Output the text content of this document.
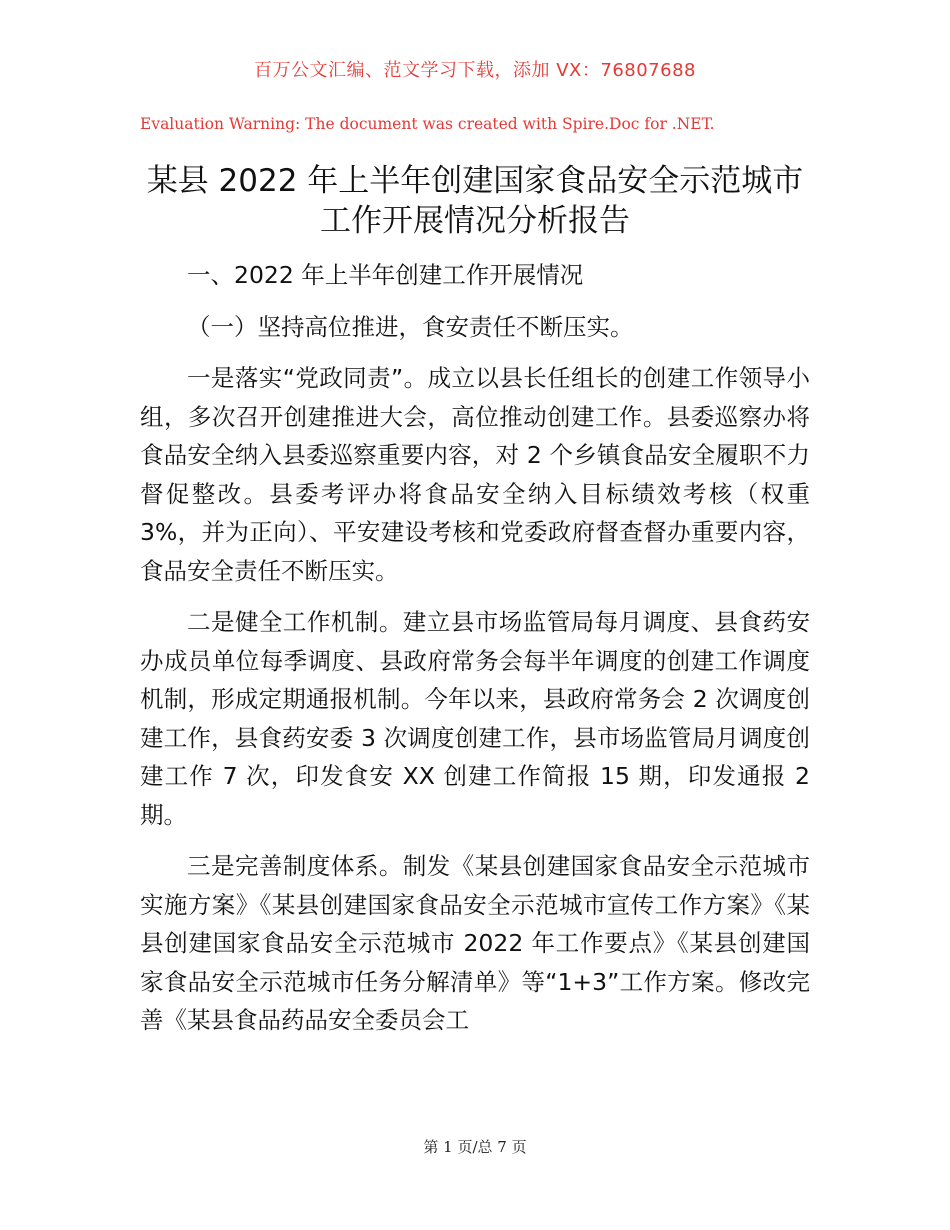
百万公文汇编、范文学习下载，添加 VX：76807688
Evaluation Warning: The document was created with Spire.Doc for .NET.
某县 2022 年上半年创建国家食品安全示范城市
工作开展情况分析报告

一、2022 年上半年创建工作开展情况

（一）坚持高位推进，食安责任不断压实。

一是落实“党政同责”。成立以县长任组长的创建工作领导小组，多次召开创建推进大会，高位推动创建工作。县委巡察办将食品安全纳入县委巡察重要内容，对 2 个乡镇食品安全履职不力督促整改。县委考评办将食品安全纳入目标绩效考核（权重 3%，并为正向）、平安建设考核和党委政府督查督办重要内容，食品安全责任不断压实。

二是健全工作机制。建立县市场监管局每月调度、县食药安办成员单位每季调度、县政府常务会每半年调度的创建工作调度机制，形成定期通报机制。今年以来，县政府常务会 2 次调度创建工作，县食药安委 3 次调度创建工作，县市场监管局月调度创建工作 7 次，印发食安 XX 创建工作简报 15 期，印发通报 2 期。

三是完善制度体系。制发《某县创建国家食品安全示范城市实施方案》《某县创建国家食品安全示范城市宣传工作方案》《某县创建国家食品安全示范城市 2022 年工作要点》《某县创建国家食品安全示范城市任务分解清单》等“1+3”工作方案。修改完善《某县食品药品安全委员会工

第 1 页/总 7 页
